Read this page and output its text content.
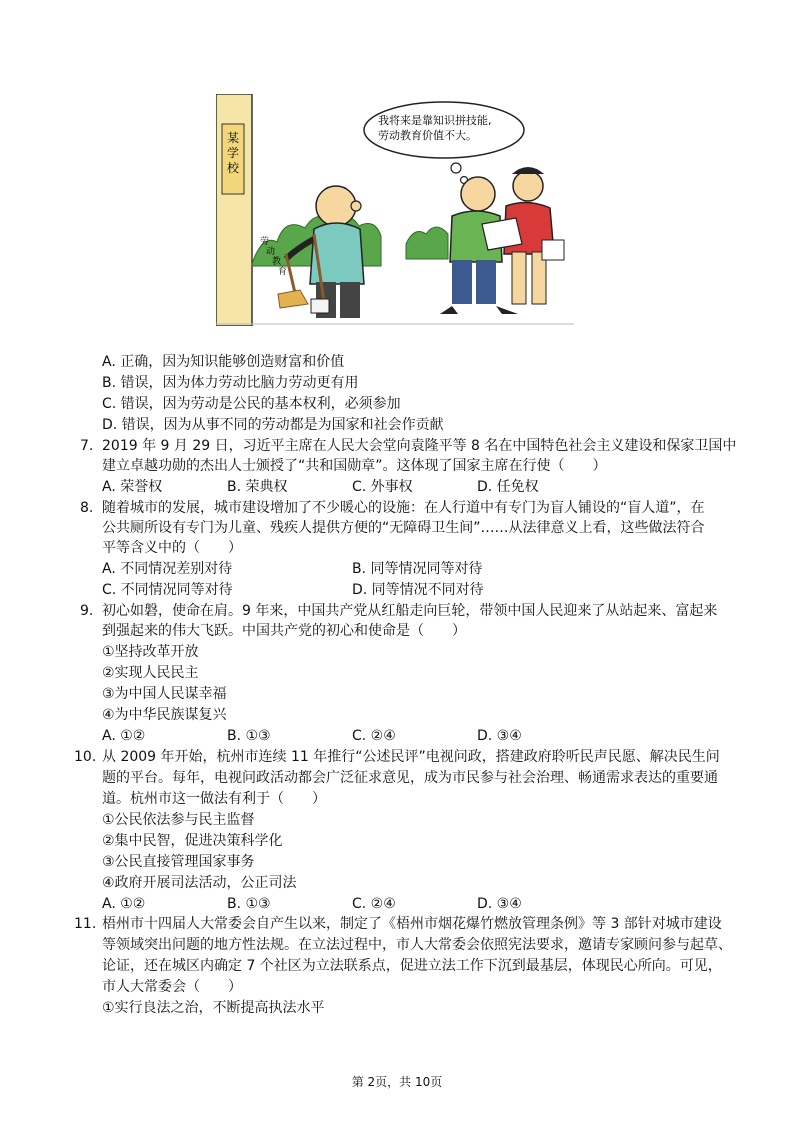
某学校
劳动教育
我将来是靠知识拼技能, 劳动教育价值不大。
A. 正确，因为知识能够创造财富和价值
B. 错误，因为体力劳动比脑力劳动更有用
C. 错误，因为劳动是公民的基本权利，必须参加
D. 错误，因为从事不同的劳动都是为国家和社会作贡献
7. 2019 年 9 月 29 日，习近平主席在人民大会堂向袁隆平等 8 名在中国特色社会主义建设和保家卫国中
建立卓越功勋的杰出人士颁授了“共和国勋章”。这体现了国家主席在行使（　　）
A. 荣誉权	B. 荣典权	C. 外事权	D. 任免权
8. 随着城市的发展，城市建设增加了不少暖心的设施：在人行道中有专门为盲人铺设的“盲人道”，在
公共厕所设有专门为儿童、残疾人提供方便的“无障碍卫生间”……从法律意义上看，这些做法符合
平等含义中的（　　）
A. 不同情况差别对待	B. 同等情况同等对待
C. 不同情况同等对待	D. 同等情况不同对待
9. 初心如磐，使命在肩。9 年来，中国共产党从红船走向巨轮，带领中国人民迎来了从站起来、富起来
到强起来的伟大飞跃。中国共产党的初心和使命是（　　）
①坚持改革开放
②实现人民民主
③为中国人民谋幸福
④为中华民族谋复兴
A. ①②	B. ①③	C. ②④	D. ③④
10. 从 2009 年开始，杭州市连续 11 年推行“公述民评”电视问政，搭建政府聆听民声民愿、解决民生问
题的平台。每年，电视问政活动都会广泛征求意见，成为市民参与社会治理、畅通需求表达的重要通
道。杭州市这一做法有利于（　　）
①公民依法参与民主监督
②集中民智，促进决策科学化
③公民直接管理国家事务
④政府开展司法活动，公正司法
A. ①②	B. ①③	C. ②④	D. ③④
11. 梧州市十四届人大常委会自产生以来，制定了《梧州市烟花爆竹燃放管理条例》等 3 部针对城市建设
等领域突出问题的地方性法规。在立法过程中，市人大常委会依照宪法要求，邀请专家顾问参与起草、
论证，还在城区内确定 7 个社区为立法联系点，促进立法工作下沉到最基层，体现民心所向。可见，
市人大常委会（　　）
①实行良法之治，不断提高执法水平
第 2页，共 10页
